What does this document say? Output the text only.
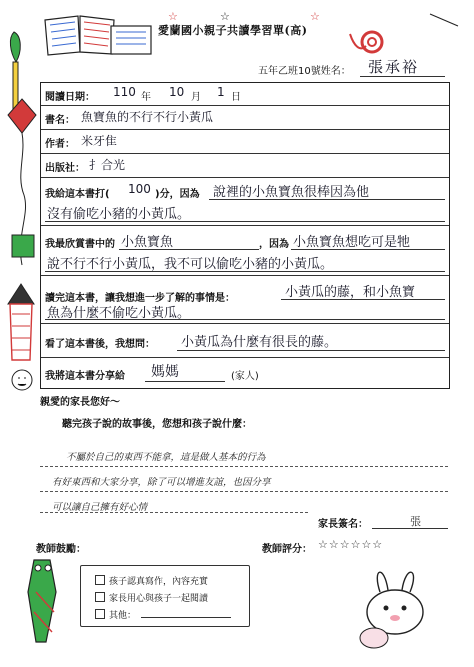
☆	☆	☆
愛蘭國小親子共讀學習單(高)
五年乙班10號姓名： 張承裕
閱讀日期： 110 年 10 月 1 日
書名： 魚寶魚的不行不行小黃瓜
作者： 米牙隹
出版社： 扌合光
我給這本書打( 100 )分，因為 說裡的小魚寶魚很棒因為他
沒有偷吃小豬的小黃瓜。
我最欣賞書中的 小魚寶魚	，因為 小魚寶魚想吃可是牠
說不行不行小黃瓜，我不可以偷吃小豬的小黃瓜。
讀完這本書，讓我想進一步了解的事情是：	小黃瓜的藤，和小魚寶
魚為什麼不偷吃小黃瓜。
看了這本書後，我想問： 小黃瓜為什麼有很長的藤。
我將這本書分享給 媽媽	(家人)
親愛的家長您好～
聽完孩子說的故事後，您想和孩子說什麼：
不屬於自己的東西不能拿，這是做人基本的行為
有好東西和大家分享，除了可以增進友誼，也因分享
可以讓自己擁有好心情
家長簽名：	張
教師鼓勵：	教師評分： ☆☆☆☆☆☆
孩子認真寫作，內容充實
家長用心與孩子一起閱讀
其他：
